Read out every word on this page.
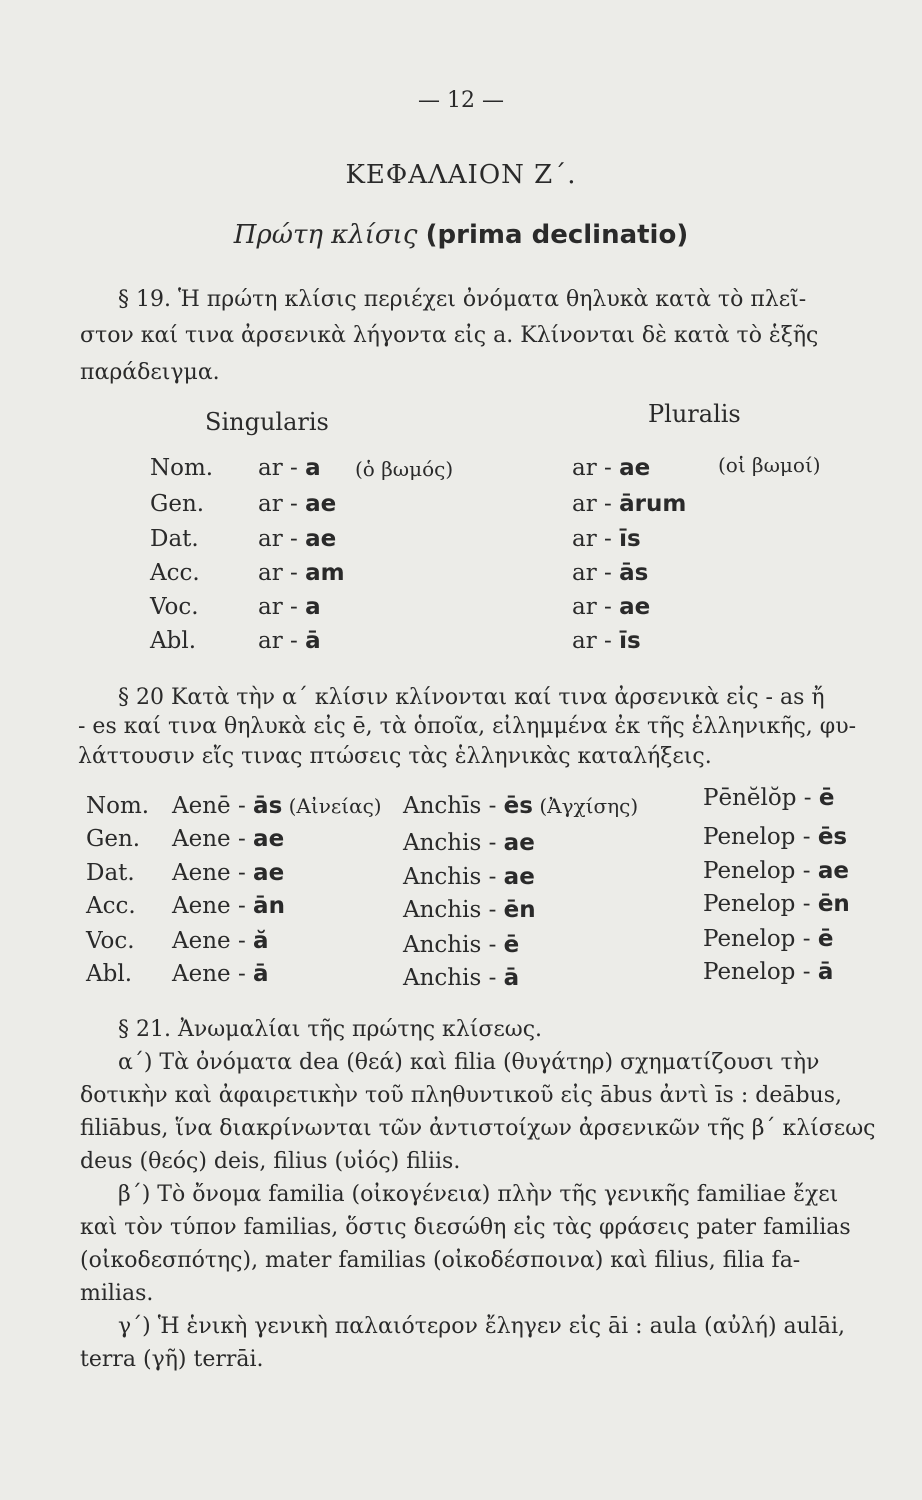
— 12 —
ΚΕΦΑΛΑΙΟΝ Ζ΄.
Πρώτη κλίσις (prima declinatio)
§ 19. Ἡ πρώτη κλίσις περιέχει ὀνόματα θηλυκὰ κατὰ τὸ πλεῖ-
στον καί τινα ἀρσενικὰ λήγοντα εἰς a. Κλίνονται δὲ κατὰ τὸ ἑξῆς
παράδειγμα.
Singularis	Pluralis
Nom. ar - a (ὁ βωμός)	ar - ae	(οἱ βωμοί)
Gen. ar - ae	ar - ārum
Dat.	ar - ae	ar - īs
Acc.	ar - am	ar - ās
Voc.	ar - a	ar - ae
Abl.	ar - ā	ar - īs
§ 20 Κατὰ τὴν α΄ κλίσιν κλίνονται καί τινα ἀρσενικὰ εἰς - as ἤ
- es καί τινα θηλυκὰ εἰς ē, τὰ ὁποῖα, εἰλημμένα ἐκ τῆς ἑλληνικῆς, φυ-
λάττουσιν εἴς τινας πτώσεις τὰς ἑλληνικὰς καταλήξεις.
Nom. Aenē - ās (Αἰνείας) Anchīs - ēs (Ἀγχίσης)	Pēnĕlŏp - ē
Gen. Aene - ae	Anchis - ae	Penelop - ēs
Dat. Aene - ae	Anchis - ae	Penelop - ae
Acc. Aene - ān	Anchis - ēn	Penelop - ēn
Voc. Aene - ă	Anchis - ē	Penelop - ē
Abl. Aene - ā	Anchis - ā	Penelop - ā
§ 21. Ἀνωμαλίαι τῆς πρώτης κλίσεως.
α΄) Τὰ ὀνόματα dea (θεά) καὶ filia (θυγάτηρ) σχηματίζουσι τὴν
δοτικὴν καὶ ἀφαιρετικὴν τοῦ πληθυντικοῦ εἰς ābus ἀντὶ īs : deābus,
filiābus, ἵνα διακρίνωνται τῶν ἀντιστοίχων ἀρσενικῶν τῆς β΄ κλίσεως
deus (θεός) deis, filius (υἱός) filiis.
β΄) Τὸ ὄνομα familia (οἰκογένεια) πλὴν τῆς γενικῆς familiae ἔχει
καὶ τὸν τύπον familias, ὅστις διεσώθη εἰς τὰς φράσεις pater familias
(οἰκοδεσπότης), mater familias (οἰκοδέσποινα) καὶ filius, filia fa-
milias.
γ΄) Ἡ ἑνικὴ γενικὴ παλαιότερον ἔληγεν εἰς āi : aula (αὐλή) aulāi,
terra (γῆ) terrāi.
